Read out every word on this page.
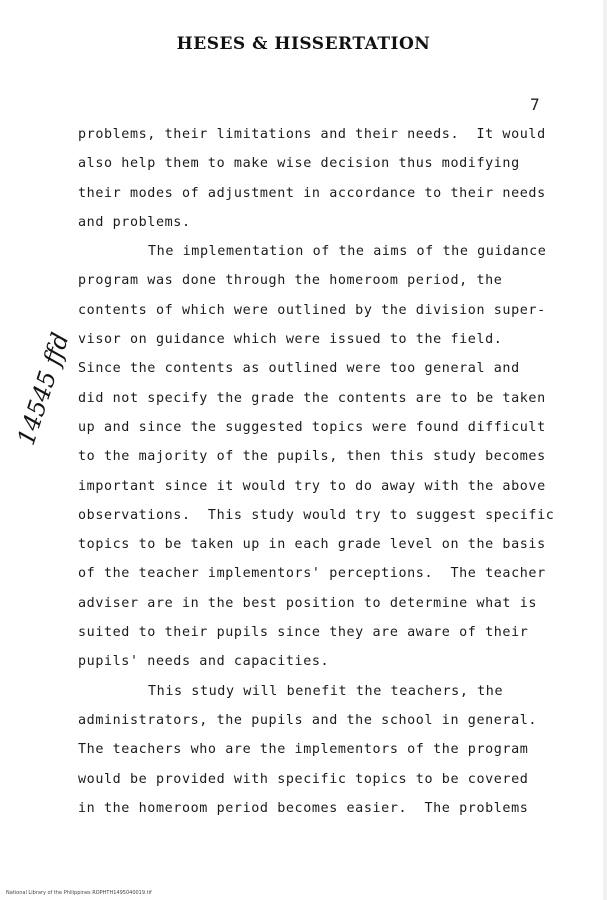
HESES & HISSERTATION
7
14545 ffd
problems, their limitations and their needs.  It would
also help them to make wise decision thus modifying
their modes of adjustment in accordance to their needs
and problems.
The implementation of the aims of the guidance
program was done through the homeroom period, the
contents of which were outlined by the division super-
visor on guidance which were issued to the field.
Since the contents as outlined were too general and
did not specify the grade the contents are to be taken
up and since the suggested topics were found difficult
to the majority of the pupils, then this study becomes
important since it would try to do away with the above
observations.  This study would try to suggest specific
topics to be taken up in each grade level on the basis
of the teacher implementors' perceptions.  The teacher
adviser are in the best position to determine what is
suited to their pupils since they are aware of their
pupils' needs and capacities.
This study will benefit the teachers, the
administrators, the pupils and the school in general.
The teachers who are the implementors of the program
would be provided with specific topics to be covered
in the homeroom period becomes easier.  The problems
National Library of the Philippines ROPHTH1495040019.tif
